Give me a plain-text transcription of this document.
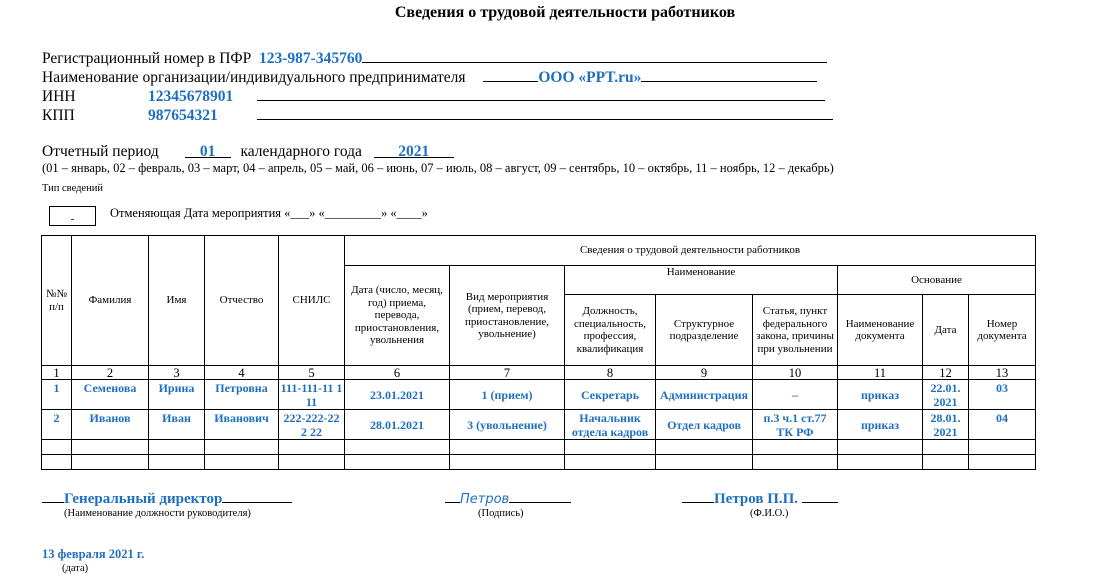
Сведения о трудовой деятельности работников
Регистрационный номер в ПФР 123-987-345760
Наименование организации/индивидуального предпринимателя	ООО «PPT.ru»
ИНН	12345678901
КПП	987654321
Отчетный период	01 календарного года 2021
(01 – январь, 02 – февраль, 03 – март, 04 – апрель, 05 – май, 06 – июнь, 07 – июль, 08 – август, 09 – сентябрь, 10 – октябрь, 11 – ноябрь, 12 – декабрь)
Тип сведений
-	Отменяющая Дата мероприятия «___» «_________» «____»
№№ п/п	Фамилия	Имя	Отчество	СНИЛС	Сведения о трудовой деятельности работников							
					Дата (число, месяц, год) приема, перевода, приостановления, увольнения	Вид мероприятия (прием, перевод, приостановление, увольнение)	Наименование			Основание		
							Должность, специальность, профессия, квалификация	Структурное подразделение	Статья, пункт федерального закона, причины при увольнении	Наименование документа	Дата	Номер документа
1	2	3	4	5	6	7	8	9	10	11	12	13
1	Семенова	Ирина	Петровна	111-111-11 1 11	23.01.2021	1 (прием)	Секретарь	Администрация	–	приказ	22.01. 2021	03
2	Иванов	Иван	Иванович	222-222-22 2 22	28.01.2021	3 (увольнение)	Начальник отдела кадров	Отдел кадров	п.3 ч.1 ст.77 ТК РФ	приказ	28.01. 2021	04

Генеральный директор
(Наименование должности руководителя)
Петров
(Подпись)
Петров П.П.
(Ф.И.О.)
13 февраля 2021 г.
(дата)
